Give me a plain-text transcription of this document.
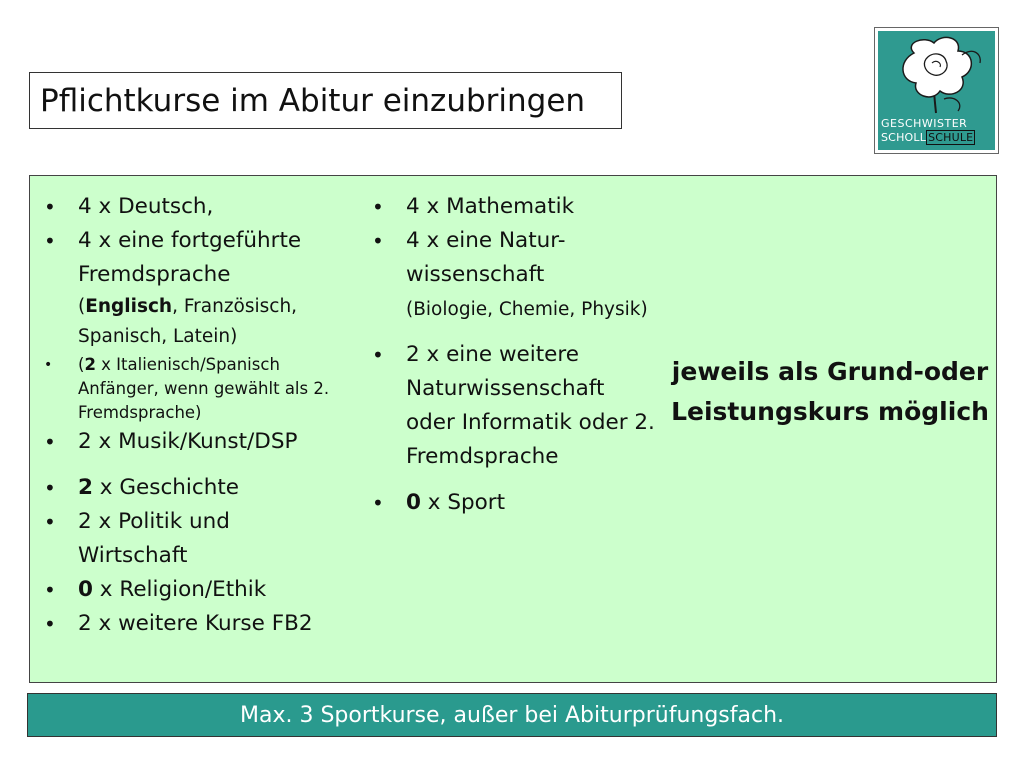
Pflichtkurse im Abitur einzubringen
GESCHWISTER
SCHOLL SCHULE
• 4 x Deutsch,
• 4 x eine fortgeführte Fremdsprache
(Englisch, Französisch, Spanisch, Latein)
• (2 x Italienisch/Spanisch Anfänger, wenn gewählt als 2. Fremdsprache)
• 2 x Musik/Kunst/DSP
• 2 x Geschichte
• 2 x Politik und Wirtschaft
• 0 x Religion/Ethik
• 2 x weitere Kurse FB2
• 4 x Mathematik
• 4 x eine Natur-wissenschaft
(Biologie, Chemie, Physik)
• 2 x eine weitere Naturwissenschaft oder Informatik oder 2. Fremdsprache
• 0 x Sport
jeweils als Grund-oder Leistungskurs möglich
Max. 3 Sportkurse, außer bei Abiturprüfungsfach.
